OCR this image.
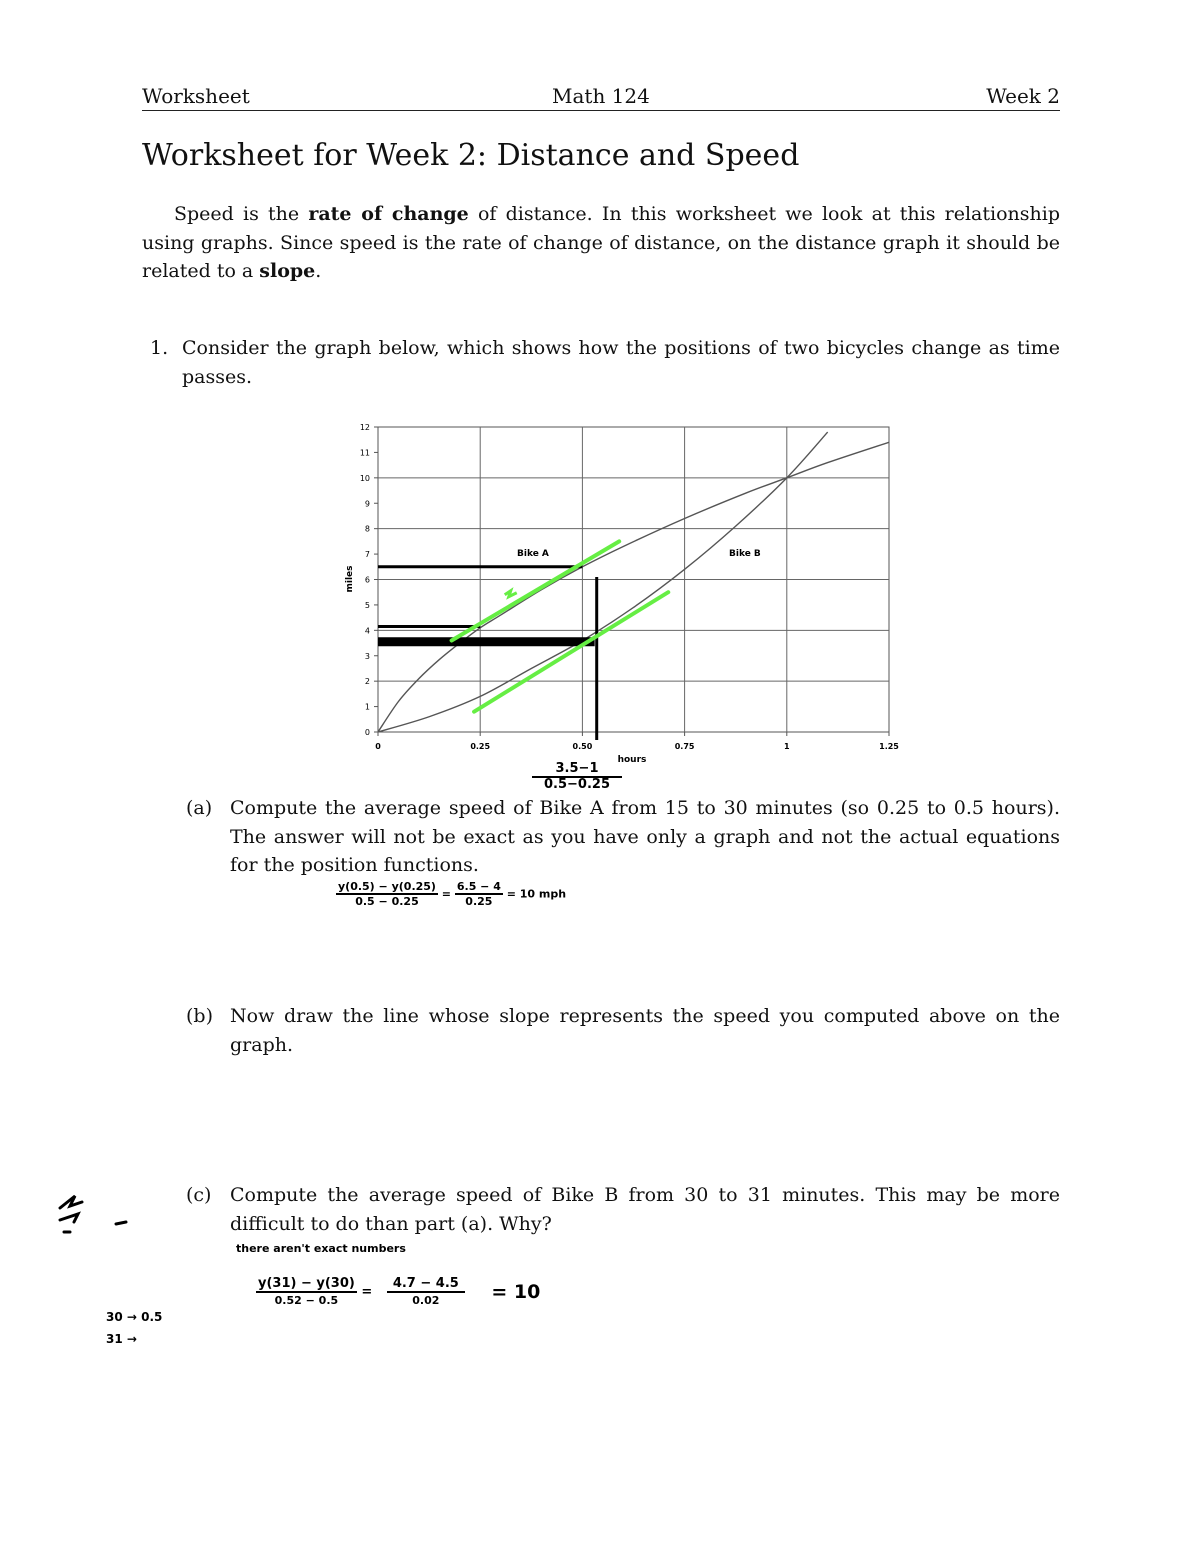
Worksheet	Math 124	Week 2
Worksheet for Week 2: Distance and Speed

Speed is the rate of change of distance. In this worksheet we look at this relationship using graphs. Since speed is the rate of change of distance, on the distance graph it should be related to a slope.

1. Consider the graph below, which shows how the positions of two bicycles change as time passes.
0
1
2
3
4
5
6
7
8
9
10
11
12
0	0.25	0.50	0.75	1	1.25
hours
miles
Bike A	Bike B
3.5−1
0.5−0.25
(a) Compute the average speed of Bike A from 15 to 30 minutes (so 0.25 to 0.5 hours). The answer will not be exact as you have only a graph and not the actual equations for the position functions.
$\frac{y(0.5) - y(0.25)}{0.5 - 0.25} = \frac{6.5 - 4}{0.25} = 10$ mph
(b) Now draw the line whose slope represents the speed you computed above on the graph.
(c) Compute the average speed of Bike B from 30 to 31 minutes. This may be more difficult to do than part (a). Why?
there aren't exact numbers
y(31) − y(30)
0.52 − 0.5
=
4.7 − 4.5
0.02	= 10
30 → 0.5
31 →
